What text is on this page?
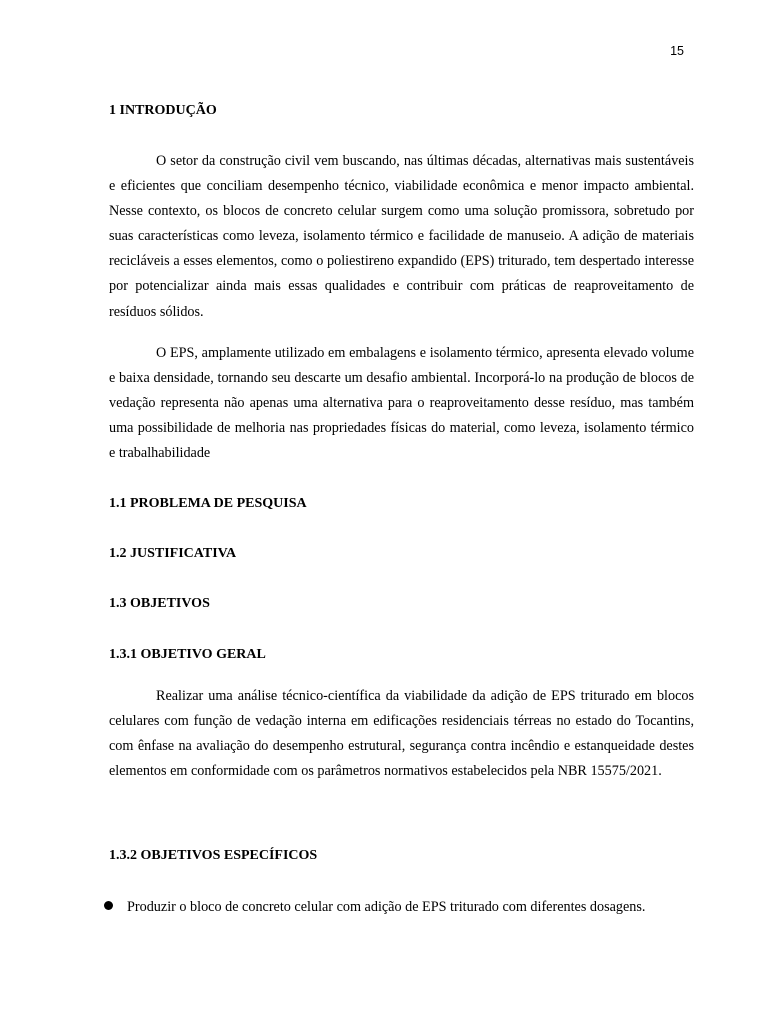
15
1 INTRODUÇÃO

O setor da construção civil vem buscando, nas últimas décadas, alternativas mais sustentáveis e eficientes que conciliam desempenho técnico, viabilidade econômica e menor impacto ambiental. Nesse contexto, os blocos de concreto celular surgem como uma solução promissora, sobretudo por suas características como leveza, isolamento térmico e facilidade de manuseio. A adição de materiais recicláveis a esses elementos, como o poliestireno expandido (EPS) triturado, tem despertado interesse por potencializar ainda mais essas qualidades e contribuir com práticas de reaproveitamento de resíduos sólidos.

O EPS, amplamente utilizado em embalagens e isolamento térmico, apresenta elevado volume e baixa densidade, tornando seu descarte um desafio ambiental. Incorporá-lo na produção de blocos de vedação representa não apenas uma alternativa para o reaproveitamento desse resíduo, mas também uma possibilidade de melhoria nas propriedades físicas do material, como leveza, isolamento térmico e trabalhabilidade

1.1 PROBLEMA DE PESQUISA
1.2 JUSTIFICATIVA
1.3 OBJETIVOS
1.3.1 OBJETIVO GERAL

Realizar uma análise técnico-científica da viabilidade da adição de EPS triturado em blocos celulares com função de vedação interna em edificações residenciais térreas no estado do Tocantins, com ênfase na avaliação do desempenho estrutural, segurança contra incêndio e estanqueidade destes elementos em conformidade com os parâmetros normativos estabelecidos pela NBR 15575/2021.

1.3.2 OBJETIVOS ESPECÍFICOS
Produzir o bloco de concreto celular com adição de EPS triturado com diferentes dosagens.
